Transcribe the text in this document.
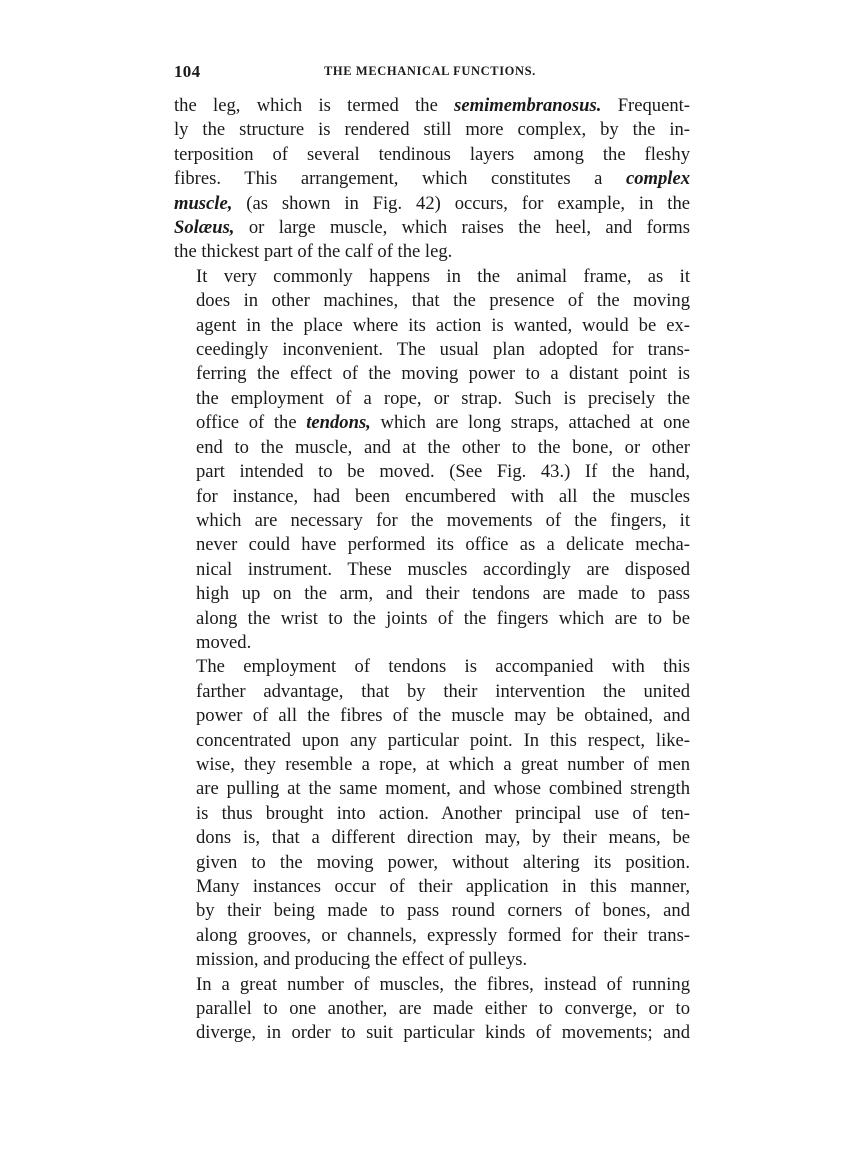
104	THE MECHANICAL FUNCTIONS.

the leg, which is termed the semimembranosus. Frequent-
ly the structure is rendered still more complex, by the in-
terposition of several tendinous layers among the fleshy
fibres. This arrangement, which constitutes a complex
muscle, (as shown in Fig. 42) occurs, for example, in the
Solæus, or large muscle, which raises the heel, and forms
the thickest part of the calf of the leg.

It very commonly happens in the animal frame, as it
does in other machines, that the presence of the moving
agent in the place where its action is wanted, would be ex-
ceedingly inconvenient. The usual plan adopted for trans-
ferring the effect of the moving power to a distant point is
the employment of a rope, or strap. Such is precisely the
office of the tendons, which are long straps, attached at one
end to the muscle, and at the other to the bone, or other
part intended to be moved. (See Fig. 43.) If the hand,
for instance, had been encumbered with all the muscles
which are necessary for the movements of the fingers, it
never could have performed its office as a delicate mecha-
nical instrument. These muscles accordingly are disposed
high up on the arm, and their tendons are made to pass
along the wrist to the joints of the fingers which are to be
moved.

The employment of tendons is accompanied with this
farther advantage, that by their intervention the united
power of all the fibres of the muscle may be obtained, and
concentrated upon any particular point. In this respect, like-
wise, they resemble a rope, at which a great number of men
are pulling at the same moment, and whose combined strength
is thus brought into action. Another principal use of ten-
dons is, that a different direction may, by their means, be
given to the moving power, without altering its position.
Many instances occur of their application in this manner,
by their being made to pass round corners of bones, and
along grooves, or channels, expressly formed for their trans-
mission, and producing the effect of pulleys.

In a great number of muscles, the fibres, instead of running
parallel to one another, are made either to converge, or to
diverge, in order to suit particular kinds of movements; and
